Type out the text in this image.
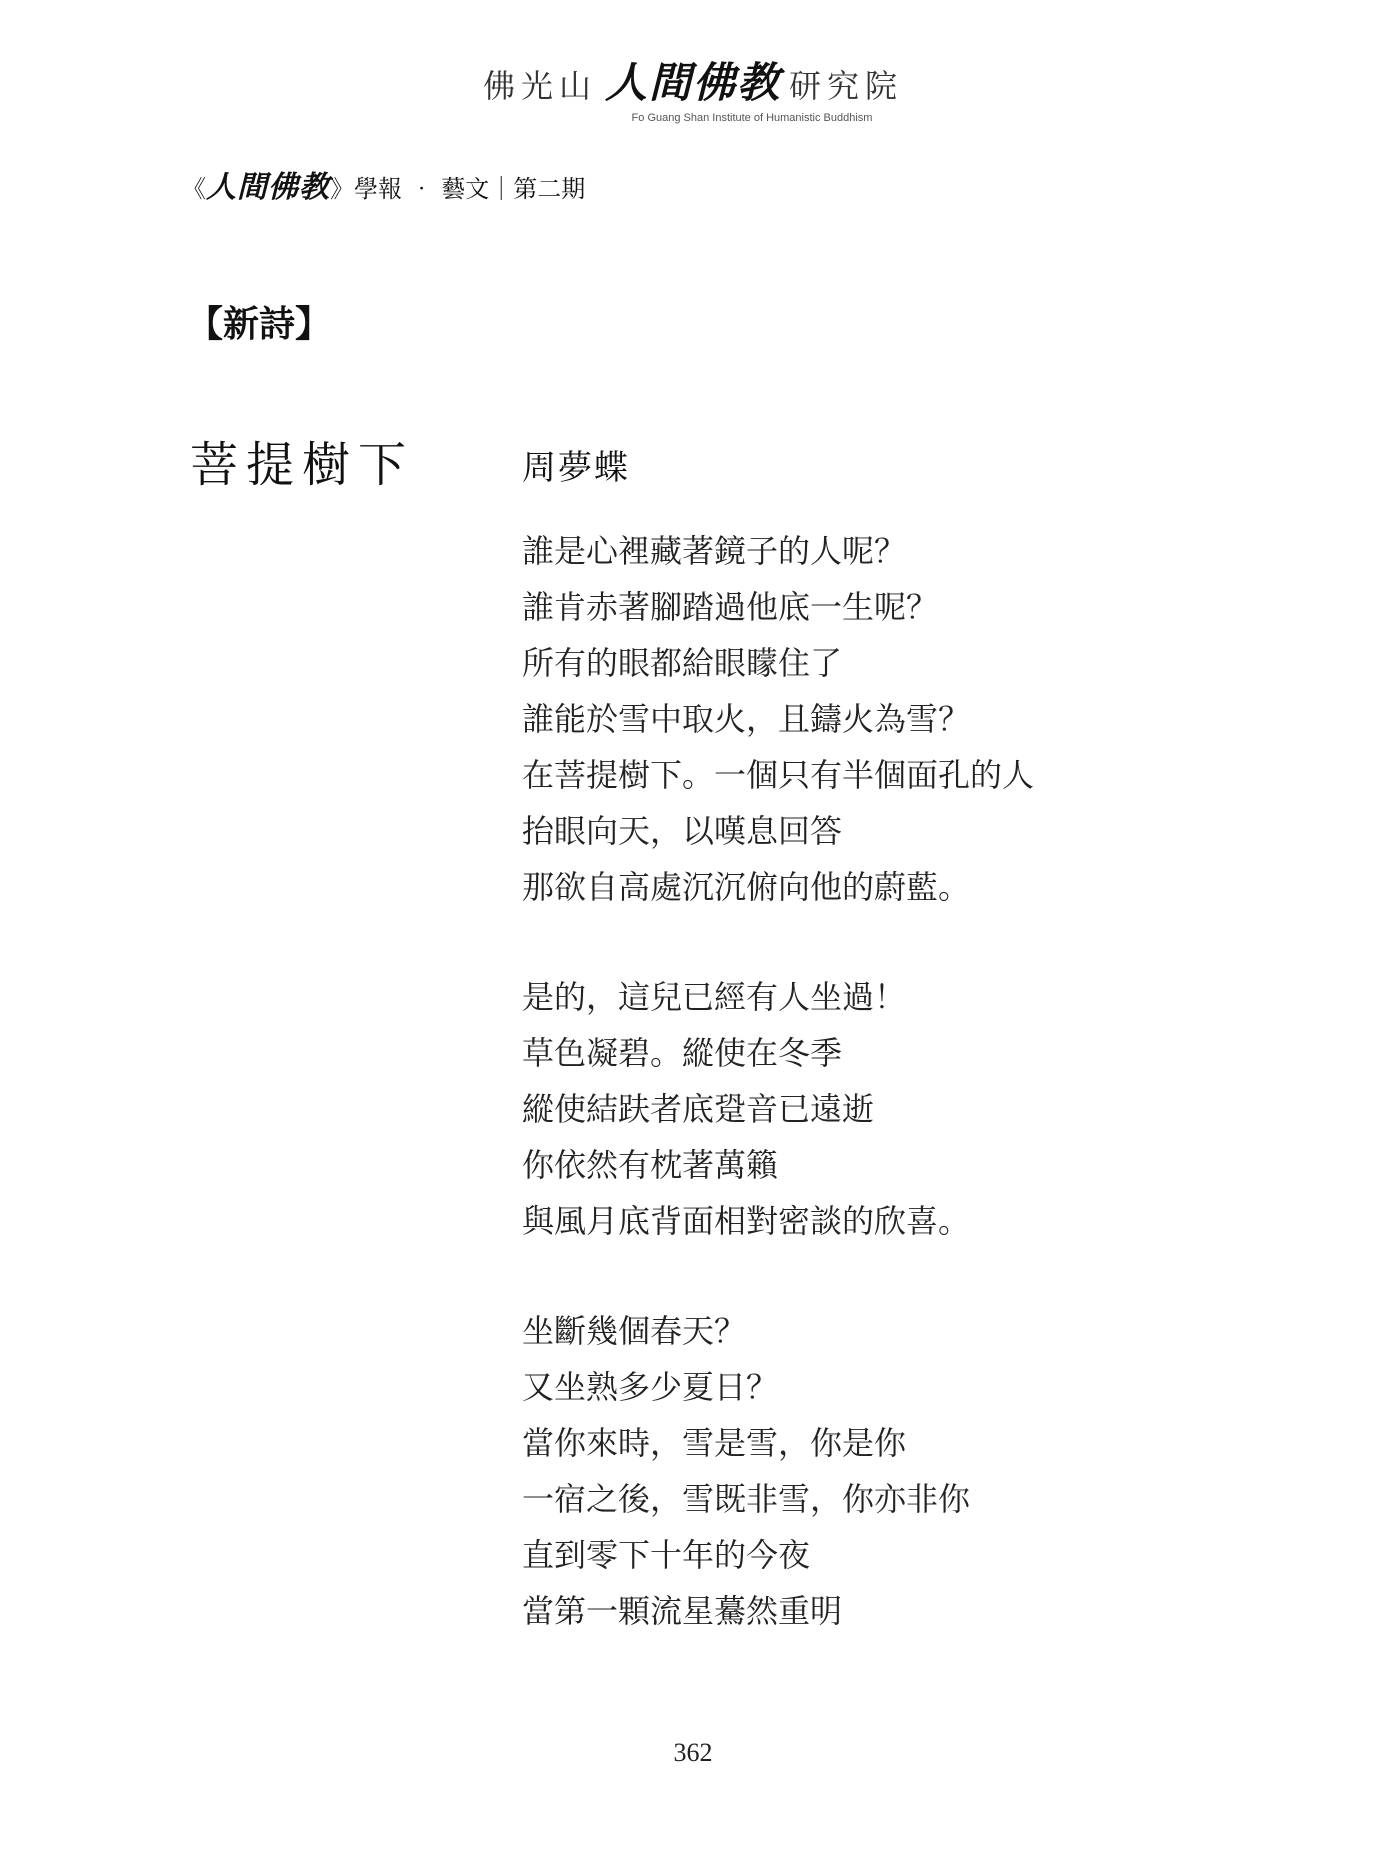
佛光山 人間佛教 研究院
Fo Guang Shan Institute of Humanistic Buddhism
《人間佛教》學報 ‧ 藝文｜第二期
【新詩】
菩提樹下	周夢蝶
誰是心裡藏著鏡子的人呢？
誰肯赤著腳踏過他底一生呢？
所有的眼都給眼矇住了
誰能於雪中取火，且鑄火為雪？
在菩提樹下。一個只有半個面孔的人
抬眼向天，以嘆息回答
那欲自高處沉沉俯向他的蔚藍。
是的，這兒已經有人坐過！
草色凝碧。縱使在冬季
縱使結趺者底跫音已遠逝
你依然有枕著萬籟
與風月底背面相對密談的欣喜。
坐斷幾個春天？
又坐熟多少夏日？
當你來時，雪是雪，你是你
一宿之後，雪既非雪，你亦非你
直到零下十年的今夜
當第一顆流星驀然重明
362
